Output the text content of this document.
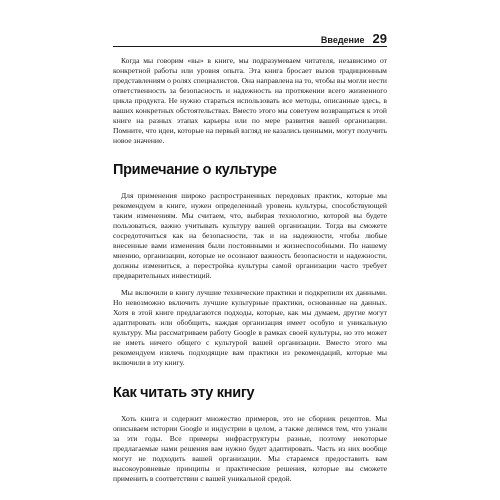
Введение 29

Когда мы говорим «вы» в книге, мы подразумеваем читателя, независимо от конкретной работы или уровня опыта. Эта книга бросает вызов традиционным представлениям о ролях специалистов. Она направлена на то, чтобы вы могли нести ответственность за безопасность и надежность на протяжении всего жизненного цикла продукта. Не нужно стараться использовать все методы, описанные здесь, в ваших конкретных обстоятельствах. Вместо этого мы советуем возвращаться к этой книге на разных этапах карьеры или по мере развития вашей организации. Помните, что идеи, которые на первый взгляд не казались ценными, могут получить новое значение.

Примечание о культуре

Для применения широко распространенных передовых практик, которые мы рекомендуем в книге, нужен определенный уровень культуры, способствующей таким изменениям. Мы считаем, что, выбирая технологию, которой вы будете пользоваться, важно учитывать культуру вашей организации. Тогда вы сможете сосредоточиться как на безопасности, так и на надежности, чтобы любые внесенные вами изменения были постоянными и жизнеспособными. По нашему мнению, организации, которые не осознают важность безопасности и надежности, должны измениться, а перестройка культуры самой организации часто требует предварительных инвестиций.

Мы включили в книгу лучшие технические практики и подкрепили их данными. Но невозможно включить лучшие культурные практики, основанные на данных. Хотя в этой книге предлагаются подходы, которые, как мы думаем, другие могут адаптировать или обобщить, каждая организация имеет особую и уникальную культуру. Мы рассматриваем работу Google в рамках своей культуры, но это может не иметь ничего общего с культурой вашей организации. Вместо этого мы рекомендуем извлечь подходящие вам практики из рекомендаций, которые мы включили в эту книгу.

Как читать эту книгу

Хоть книга и содержит множество примеров, это не сборник рецептов. Мы описываем истории Google и индустрии в целом, а также делимся тем, что узнали за эти годы. Все примеры инфраструктуры разные, поэтому некоторые предлагаемые нами решения вам нужно будет адаптировать. Часть из них вообще могут не подходить вашей организации. Мы стараемся предоставить вам высокоуровневые принципы и практические решения, которые вы сможете применить в соответствии с вашей уникальной средой.
